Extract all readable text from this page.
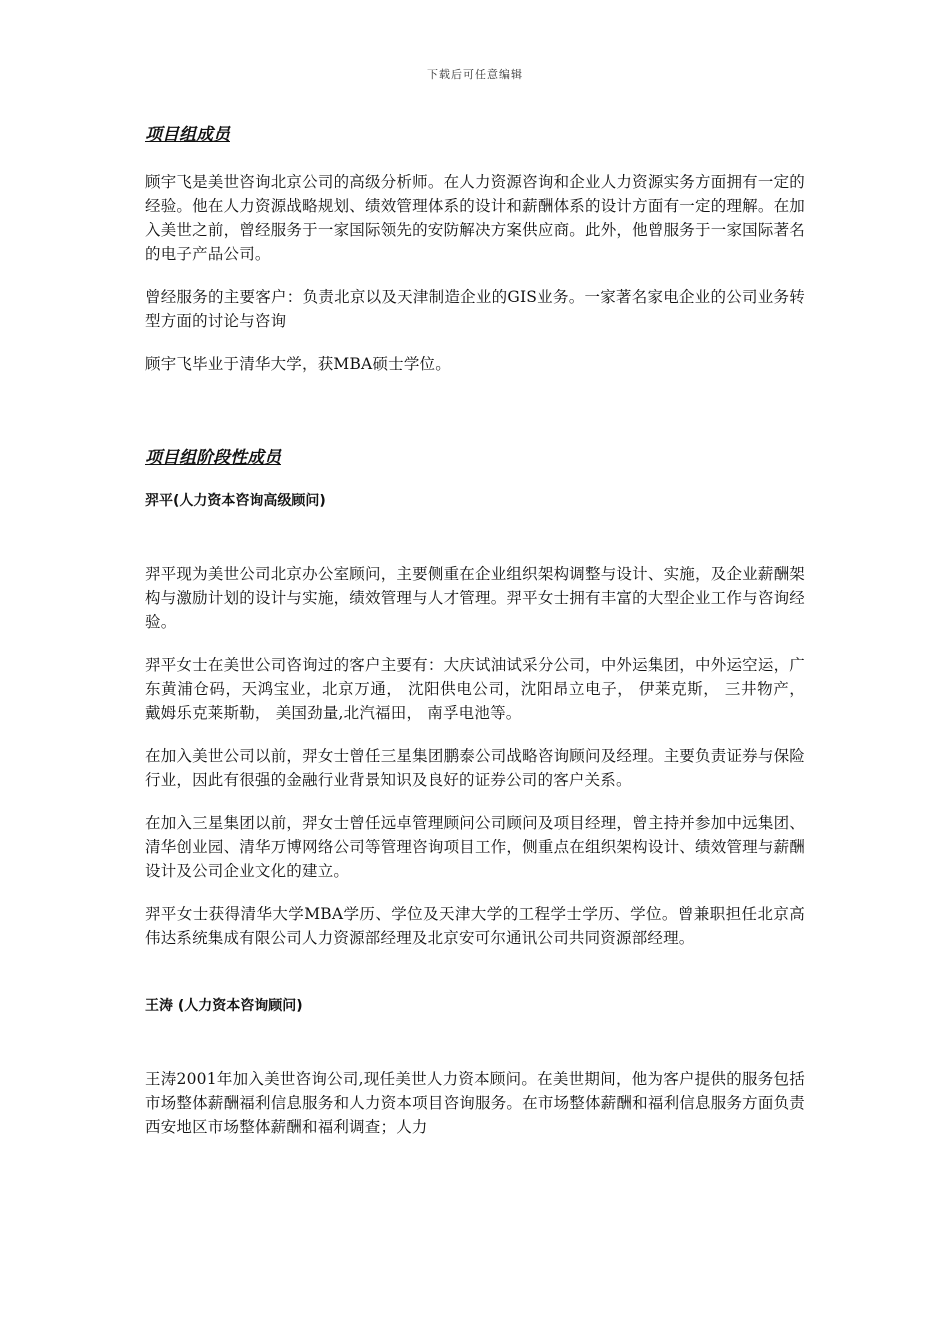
下载后可任意编辑
项目组成员

顾宇飞是美世咨询北京公司的高级分析师。在人力资源咨询和企业人力资源实务方面拥有一定的经验。他在人力资源战略规划、绩效管理体系的设计和薪酬体系的设计方面有一定的理解。在加入美世之前，曾经服务于一家国际领先的安防解决方案供应商。此外，他曾服务于一家国际著名的电子产品公司。

曾经服务的主要客户：负责北京以及天津制造企业的GIS业务。一家著名家电企业的公司业务转型方面的讨论与咨询

顾宇飞毕业于清华大学，获MBA硕士学位。

项目组阶段性成员

羿平(人力资本咨询高级顾问)

羿平现为美世公司北京办公室顾问，主要侧重在企业组织架构调整与设计、实施，及企业薪酬架构与激励计划的设计与实施，绩效管理与人才管理。羿平女士拥有丰富的大型企业工作与咨询经验。

羿平女士在美世公司咨询过的客户主要有：大庆试油试采分公司，中外运集团，中外运空运，广东黄浦仓码，天鸿宝业，北京万通， 沈阳供电公司，沈阳昂立电子， 伊莱克斯， 三井物产， 戴姆乐克莱斯勒， 美国劲量,北汽福田， 南孚电池等。

在加入美世公司以前，羿女士曾任三星集团鹏泰公司战略咨询顾问及经理。主要负责证券与保险行业，因此有很强的金融行业背景知识及良好的证券公司的客户关系。

在加入三星集团以前，羿女士曾任远卓管理顾问公司顾问及项目经理，曾主持并参加中远集团、清华创业园、清华万博网络公司等管理咨询项目工作，侧重点在组织架构设计、绩效管理与薪酬设计及公司企业文化的建立。

羿平女士获得清华大学MBA学历、学位及天津大学的工程学士学历、学位。曾兼职担任北京高伟达系统集成有限公司人力资源部经理及北京安可尔通讯公司共同资源部经理。

王涛 (人力资本咨询顾问)

王涛2001年加入美世咨询公司,现任美世人力资本顾问。在美世期间，他为客户提供的服务包括市场整体薪酬福利信息服务和人力资本项目咨询服务。在市场整体薪酬和福利信息服务方面负责西安地区市场整体薪酬和福利调查；人力
